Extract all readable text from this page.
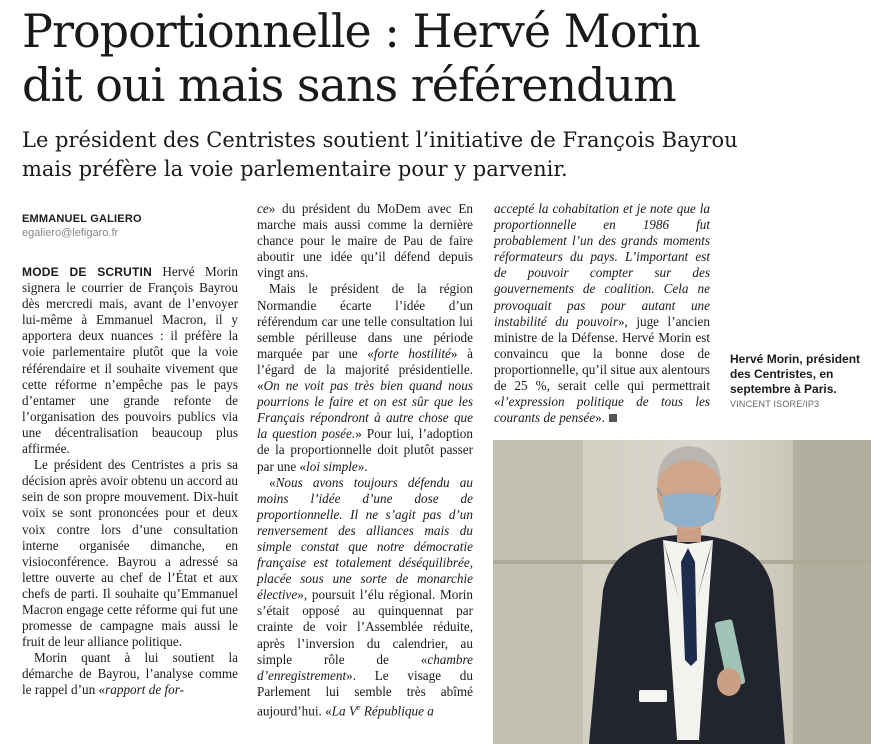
Proportionnelle : Hervé Morin
dit oui mais sans référendum

Le président des Centristes soutient l’initiative de François Bayrou
mais préfère la voie parlementaire pour y parvenir.

EMMANUEL GALIERO
egaliero@lefigaro.fr

MODE DE SCRUTIN Hervé Morin signera le courrier de François Bayrou dès mercredi mais, avant de l’envoyer lui-même à Emmanuel Macron, il y apportera deux nuances : il préfère la voie parlementaire plutôt que la voie référendaire et il souhaite vivement que cette réforme n’empêche pas le pays d’entamer une grande refonte de l’organisation des pouvoirs publics via une décentralisation beaucoup plus affirmée.

Le président des Centristes a pris sa décision après avoir obtenu un accord au sein de son propre mouvement. Dix-huit voix se sont prononcées pour et deux voix contre lors d’une consultation interne organisée dimanche, en visioconférence. Bayrou a adressé sa lettre ouverte au chef de l’État et aux chefs de parti. Il souhaite qu’Emmanuel Macron engage cette réforme qui fut une promesse de campagne mais aussi le fruit de leur alliance politique.

Morin quant à lui soutient la démarche de Bayrou, l’analyse comme le rappel d’un «rapport de for-

ce» du président du MoDem avec En marche mais aussi comme la dernière chance pour le maire de Pau de faire aboutir une idée qu’il défend depuis vingt ans.

Mais le président de la région Normandie écarte l’idée d’un référendum car une telle consultation lui semble périlleuse dans une période marquée par une «forte hostilité» à l’égard de la majorité présidentielle. «On ne voit pas très bien quand nous pourrions le faire et on est sûr que les Français répondront à autre chose que la question posée.» Pour lui, l’adoption de la proportionnelle doit plutôt passer par une «loi simple».

«Nous avons toujours défendu au moins l’idée d’une dose de proportionnelle. Il ne s’agit pas d’un renversement des alliances mais du simple constat que notre démocratie française est totalement déséquilibrée, placée sous une sorte de monarchie élective», poursuit l’élu régional. Morin s’était opposé au quinquennat par crainte de voir l’Assemblée réduite, après l’inversion du calendrier, au simple rôle de «chambre d’enregistrement». Le visage du Parlement lui semble très abîmé aujourd’hui. «La Ve République a

accepté la cohabitation et je note que la proportionnelle en 1986 fut probablement l’un des grands moments réformateurs du pays. L’important est de pouvoir compter sur des gouvernements de coalition. Cela ne provoquait pas pour autant une instabilité du pouvoir», juge l’ancien ministre de la Défense. Hervé Morin est convaincu que la bonne dose de proportionnelle, qu’il situe aux alentours de 25 %, serait celle qui permettrait «l’expression politique de tous les courants de pensée».

Hervé Morin, président des Centristes, en septembre à Paris.
VINCENT ISORE/IP3
